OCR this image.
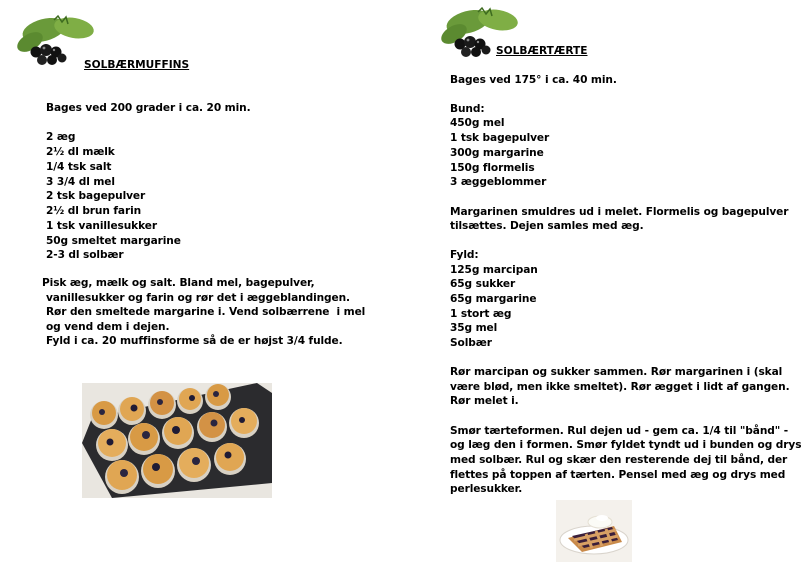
SOLBÆRMUFFINS
Bages ved 200 grader i ca. 20 min.
2 æg
2½ dl mælk
1/4 tsk salt
3 3/4 dl mel
2 tsk bagepulver
2½ dl brun farin
1 tsk vanillesukker
50g smeltet margarine
2-3 dl solbær
Pisk æg, mælk og salt. Bland mel, bagepulver,
vanillesukker og farin og rør det i æggeblandingen.
Rør den smeltede margarine i. Vend solbærrene  i mel
og vend dem i dejen.
Fyld i ca. 20 muffinsforme så de er højst 3/4 fulde.
SOLBÆRTÆRTE
Bages ved 175° i ca. 40 min.
Bund:
450g mel
1 tsk bagepulver
300g margarine
150g flormelis
3 æggeblommer
Margarinen smuldres ud i melet. Flormelis og bagepulver
tilsættes. Dejen samles med æg.
Fyld:
125g marcipan
65g sukker
65g margarine
1 stort æg
35g mel
Solbær
Rør marcipan og sukker sammen. Rør margarinen i (skal
være blød, men ikke smeltet). Rør ægget i lidt af gangen.
Rør melet i.
Smør tærteformen. Rul dejen ud - gem ca. 1/4 til "bånd" -
og læg den i formen. Smør fyldet tyndt ud i bunden og drys
med solbær. Rul og skær den resterende dej til bånd, der
flettes på toppen af tærten. Pensel med æg og drys med
perlesukker.
